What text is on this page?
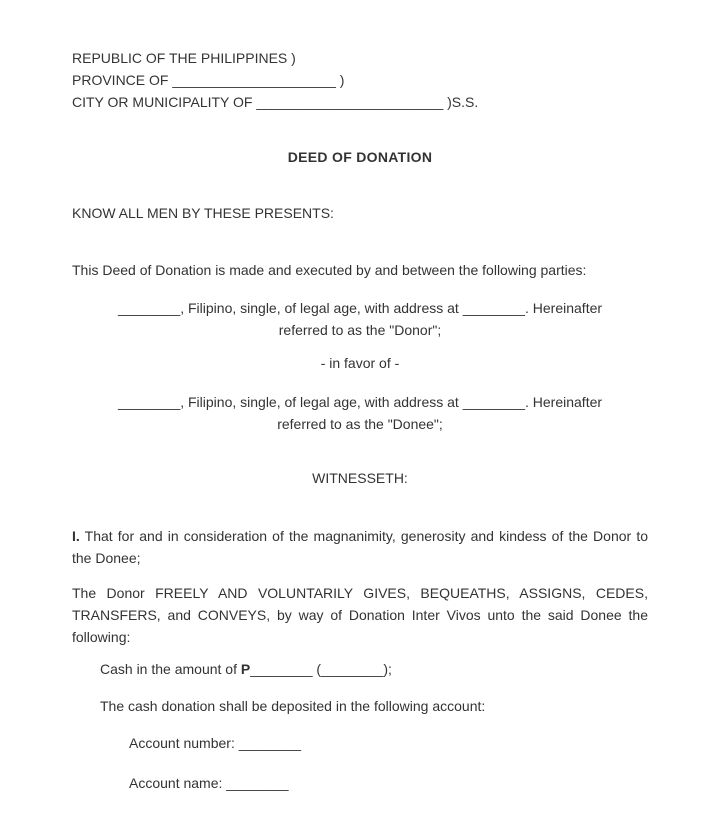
REPUBLIC OF THE PHILIPPINES )
PROVINCE OF _____________________ )
CITY OR MUNICIPALITY OF ________________________ )S.S.
DEED OF DONATION
KNOW ALL MEN BY THESE PRESENTS:
This Deed of Donation is made and executed by and between the following parties:
________, Filipino, single, of legal age, with address at ________. Hereinafter
referred to as the "Donor";
- in favor of -
________, Filipino, single, of legal age, with address at ________. Hereinafter
referred to as the "Donee";
WITNESSETH:
I. That for and in consideration of the magnanimity, generosity and kindess of the Donor to the Donee;
The Donor FREELY AND VOLUNTARILY GIVES, BEQUEATHS, ASSIGNS, CEDES, TRANSFERS, and CONVEYS, by way of Donation Inter Vivos unto the said Donee the following:
Cash in the amount of P________ (________);
The cash donation shall be deposited in the following account:
Account number: ________
Account name: ________
